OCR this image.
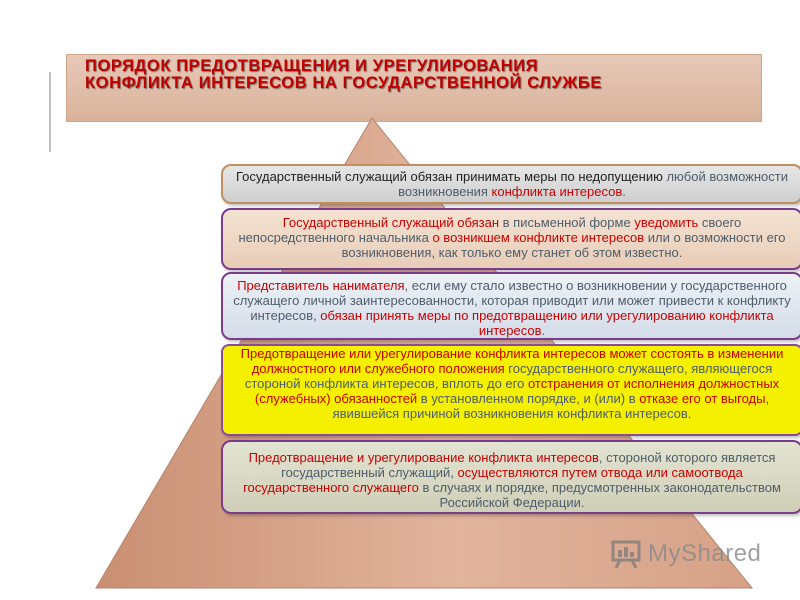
ПОРЯДОК ПРЕДОТВРАЩЕНИЯ И УРЕГУЛИРОВАНИЯ
КОНФЛИКТА ИНТЕРЕСОВ НА ГОСУДАРСТВЕННОЙ СЛУЖБЕ
Государственный служащий обязан принимать меры по недопущению любой возможности возникновения конфликта интересов.
Государственный служащий обязан в письменной форме уведомить своего непосредственного начальника о возникшем конфликте интересов или о возможности его возникновения, как только ему станет об этом известно.
Представитель нанимателя, если ему стало известно о возникновении у государственного служащего личной заинтересованности, которая приводит или может привести к конфликту интересов, обязан принять меры по предотвращению или урегулированию конфликта интересов.
Предотвращение или урегулирование конфликта интересов может состоять в изменении должностного или служебного положения государственного служащего, являющегося стороной конфликта интересов, вплоть до его отстранения от исполнения должностных (служебных) обязанностей в установленном порядке, и (или) в отказе его от выгоды, явившейся причиной возникновения конфликта интересов.
Предотвращение и урегулирование конфликта интересов, стороной которого является государственный служащий, осуществляются путем отвода или самоотвода государственного служащего в случаях и порядке, предусмотренных законодательством Российской Федерации.
MyShared
